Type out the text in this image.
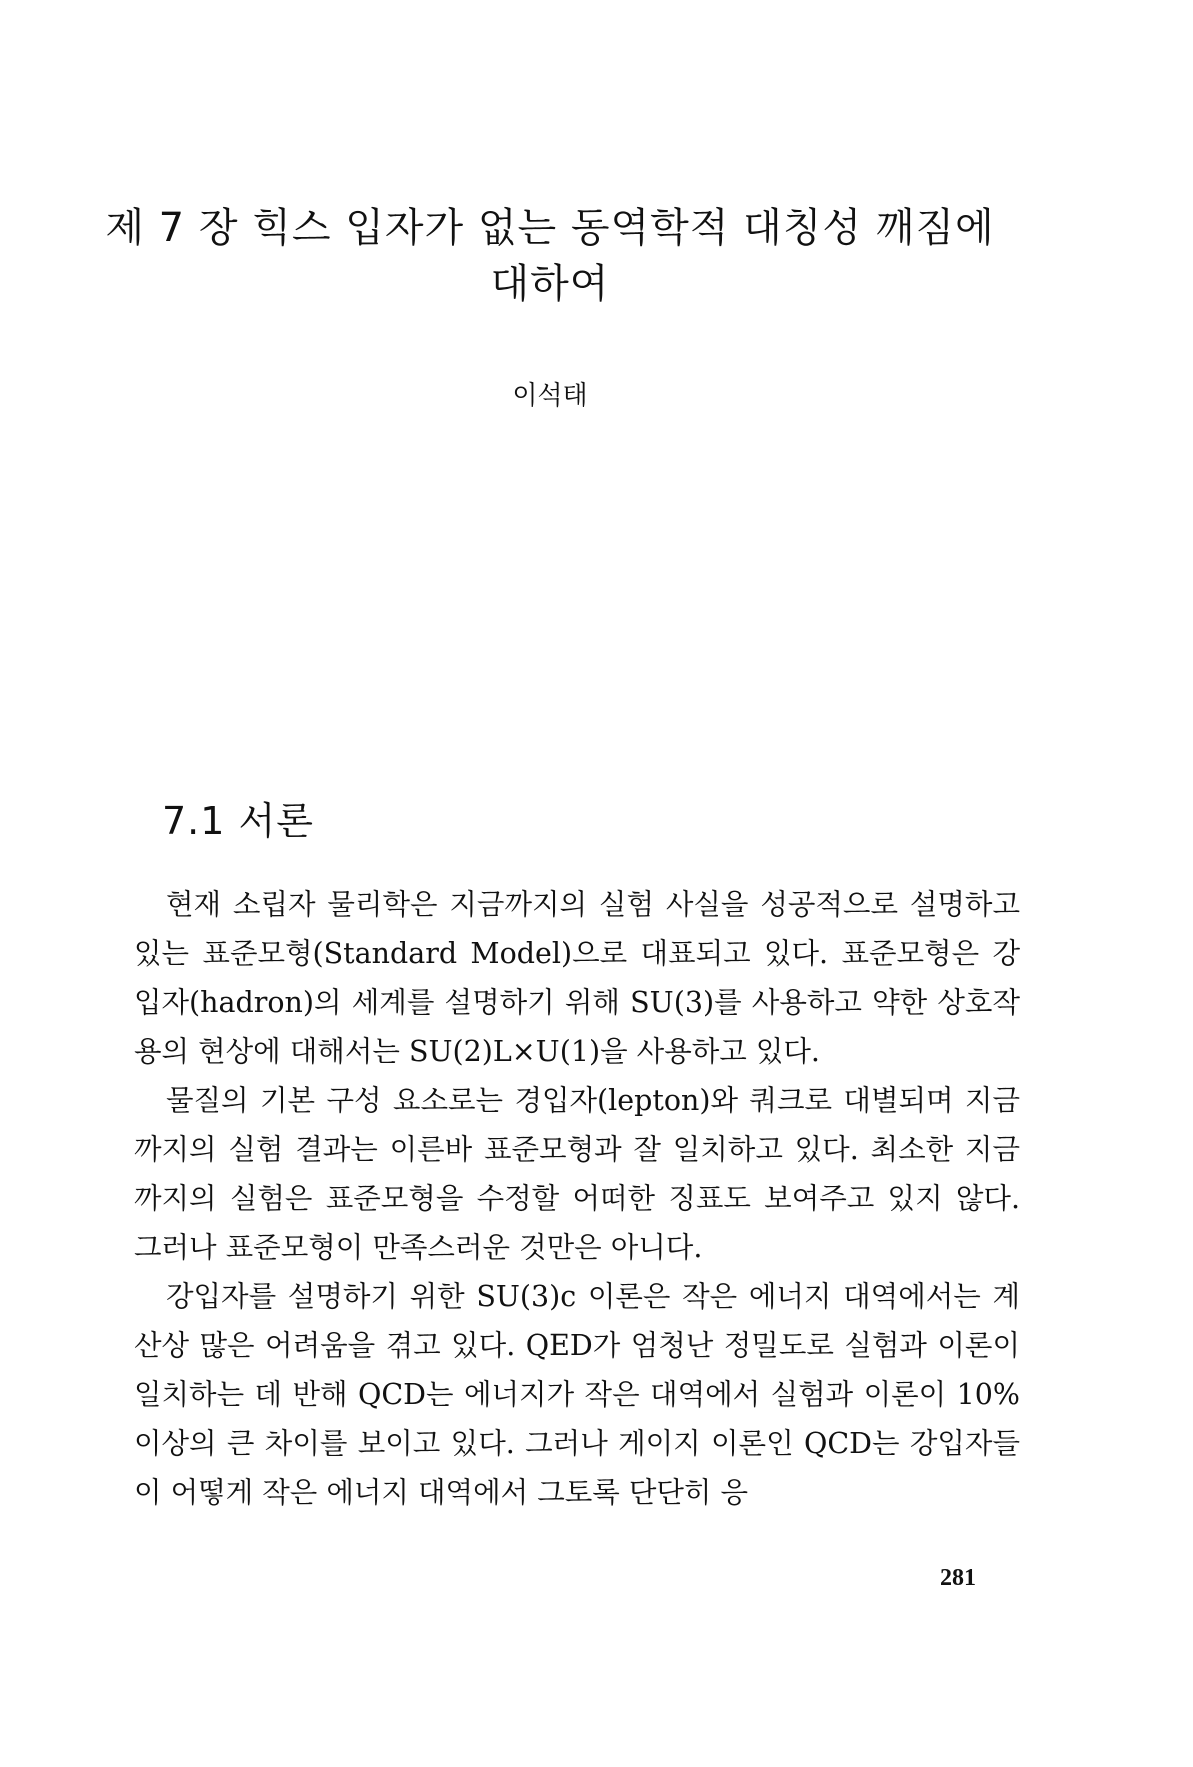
제 7 장 힉스 입자가 없는 동역학적 대칭성 깨짐에
대하여
이석태
7.1 서론

현재 소립자 물리학은 지금까지의 실험 사실을 성공적으로 설명하고 있는 표준모형(Standard Model)으로 대표되고 있다. 표준모형은 강입자(hadron)의 세계를 설명하기 위해 SU(3)를 사용하고 약한 상호작용의 현상에 대해서는 SU(2)L×U(1)을 사용하고 있다.

물질의 기본 구성 요소로는 경입자(lepton)와 쿼크로 대별되며 지금까지의 실험 결과는 이른바 표준모형과 잘 일치하고 있다. 최소한 지금까지의 실험은 표준모형을 수정할 어떠한 징표도 보여주고 있지 않다. 그러나 표준모형이 만족스러운 것만은 아니다.

강입자를 설명하기 위한 SU(3)c 이론은 작은 에너지 대역에서는 계산상 많은 어려움을 겪고 있다. QED가 엄청난 정밀도로 실험과 이론이 일치하는 데 반해 QCD는 에너지가 작은 대역에서 실험과 이론이 10% 이상의 큰 차이를 보이고 있다. 그러나 게이지 이론인 QCD는 강입자들이 어떻게 작은 에너지 대역에서 그토록 단단히 응

281
